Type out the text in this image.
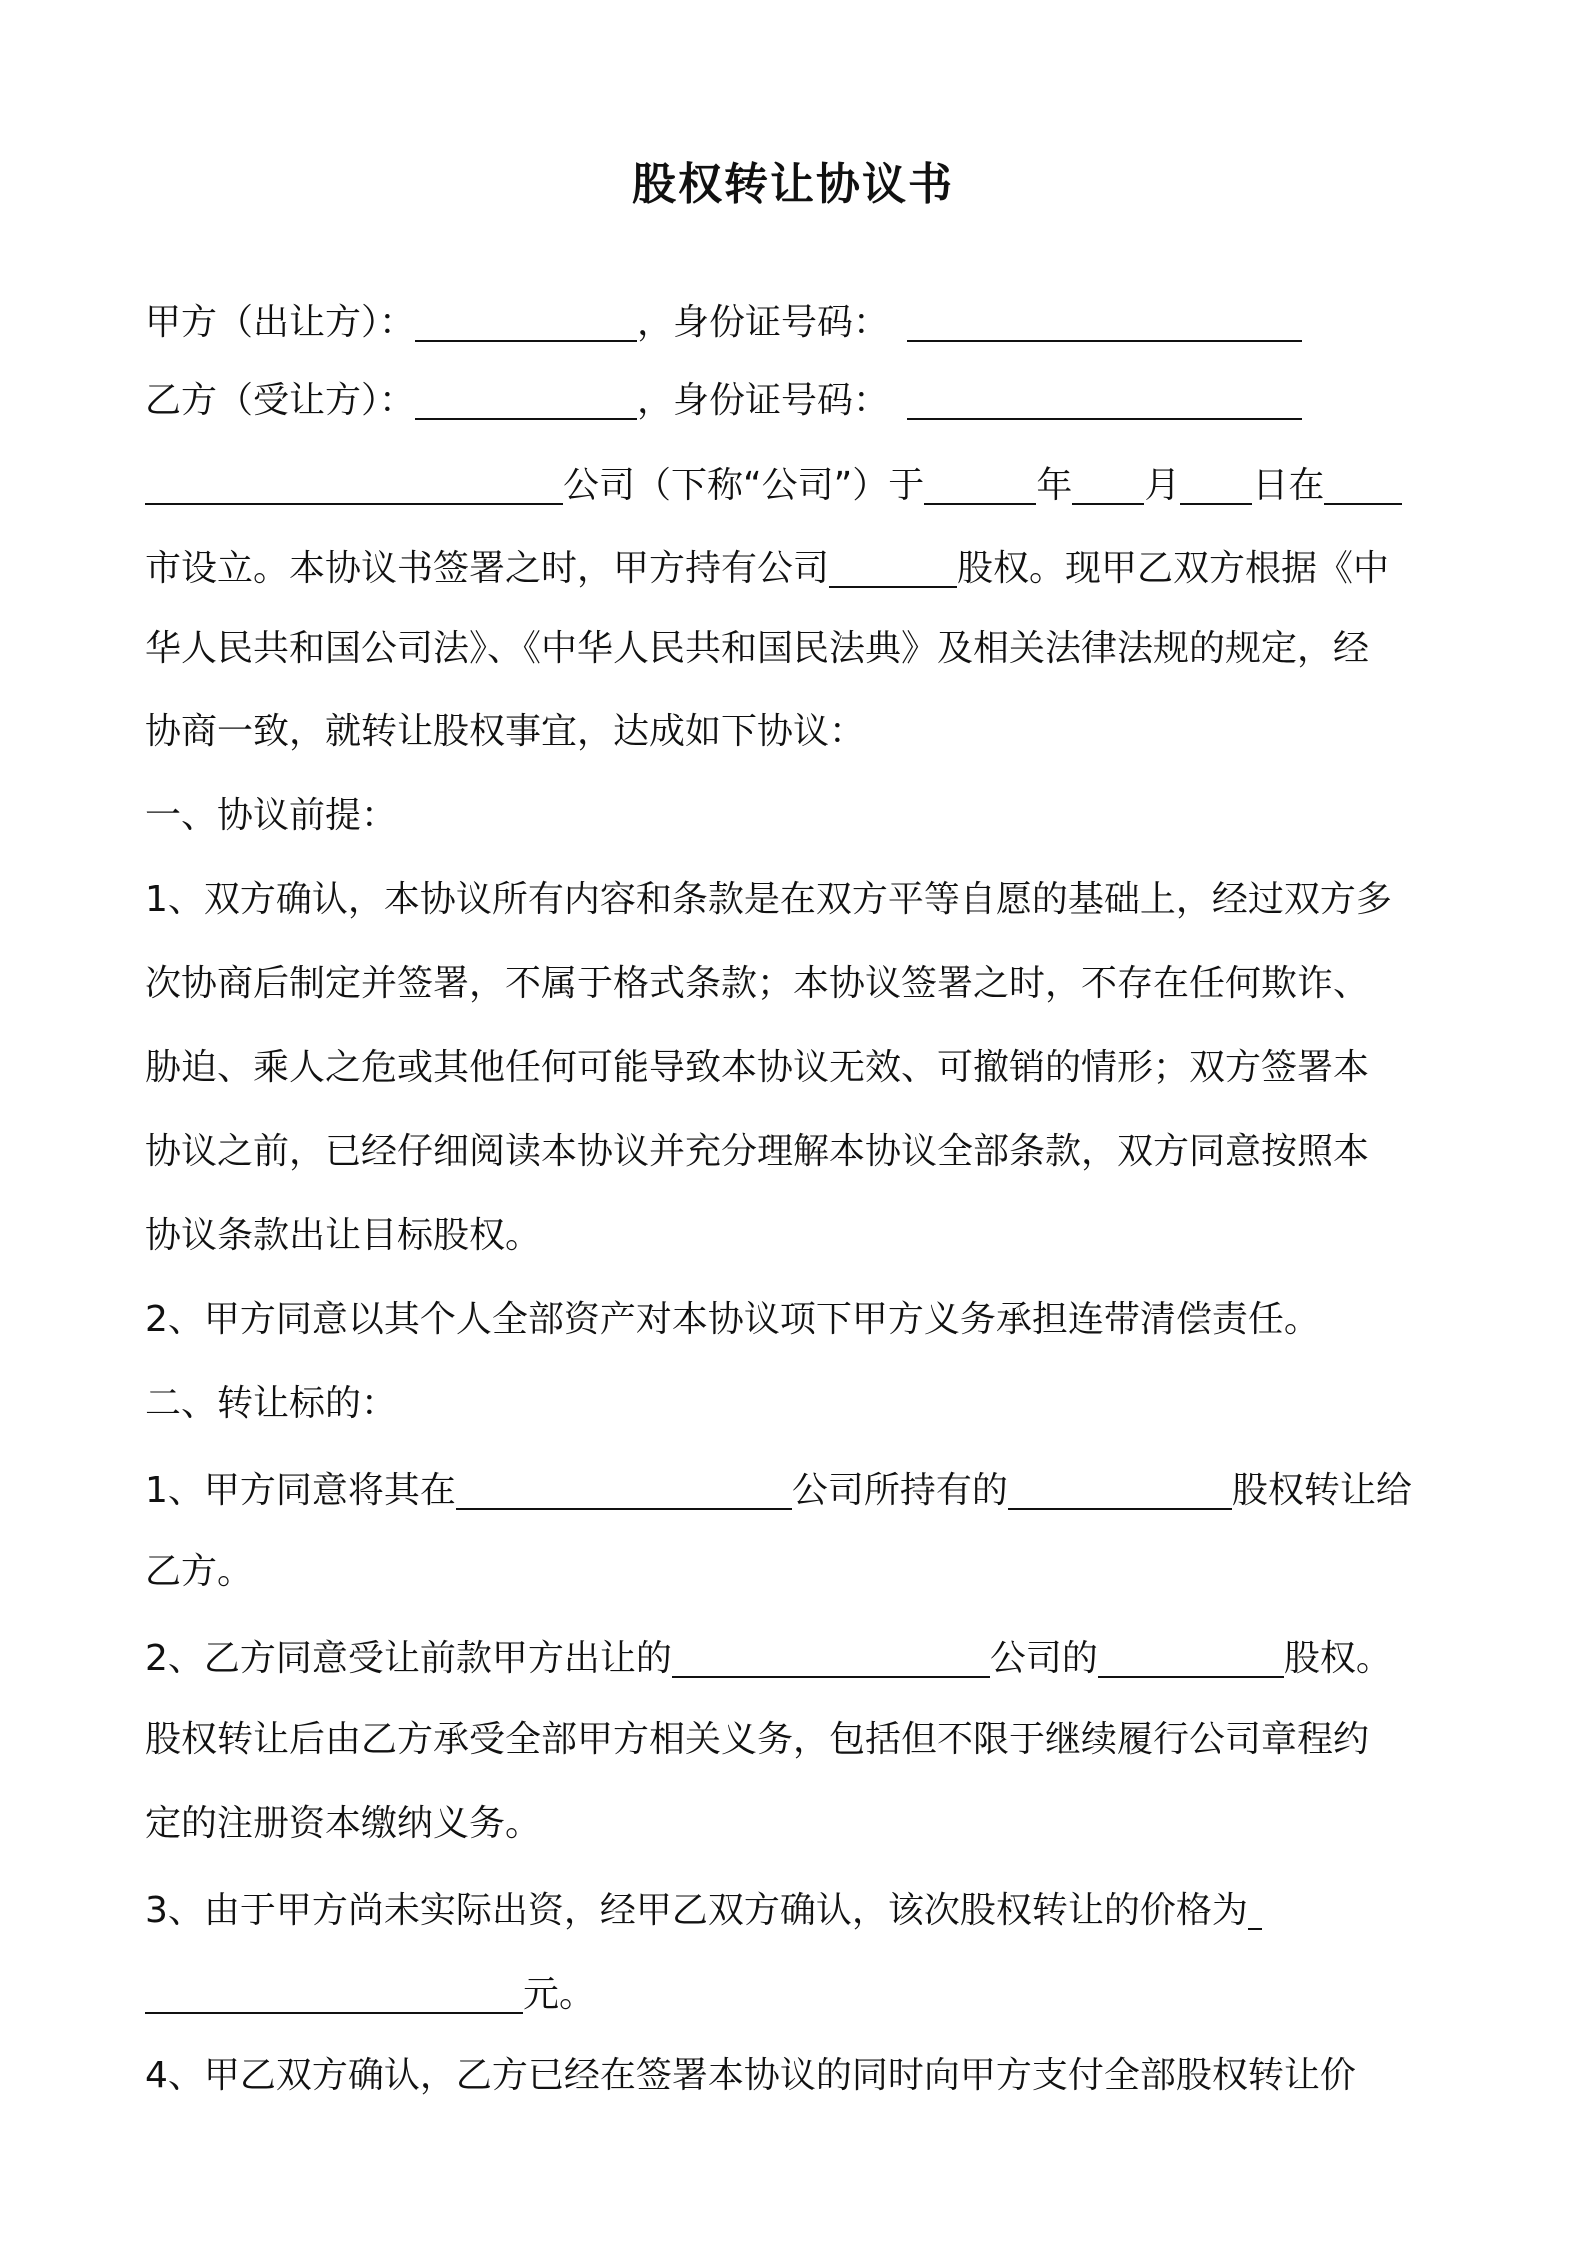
股权转让协议书
甲方（出让方）：	，身份证号码：
乙方（受让方）：	，身份证号码：
公司（下称“公司”）于	年 月 日在
市设立。本协议书签署之时，甲方持有公司	股权。现甲乙双方根据《中
华人民共和国公司法》、《中华人民共和国民法典》及相关法律法规的规定，经
协商一致，就转让股权事宜，达成如下协议：
一、协议前提：
1、双方确认，本协议所有内容和条款是在双方平等自愿的基础上，经过双方多
次协商后制定并签署，不属于格式条款；本协议签署之时，不存在任何欺诈、
胁迫、乘人之危或其他任何可能导致本协议无效、可撤销的情形；双方签署本
协议之前，已经仔细阅读本协议并充分理解本协议全部条款，双方同意按照本
协议条款出让目标股权。
2、甲方同意以其个人全部资产对本协议项下甲方义务承担连带清偿责任。
二、转让标的：
1、甲方同意将其在	公司所持有的	股权转让给
乙方。
2、乙方同意受让前款甲方出让的	公司的	股权。
股权转让后由乙方承受全部甲方相关义务，包括但不限于继续履行公司章程约
定的注册资本缴纳义务。
3、由于甲方尚未实际出资，经甲乙双方确认，该次股权转让的价格为
元。
4、甲乙双方确认，乙方已经在签署本协议的同时向甲方支付全部股权转让价
